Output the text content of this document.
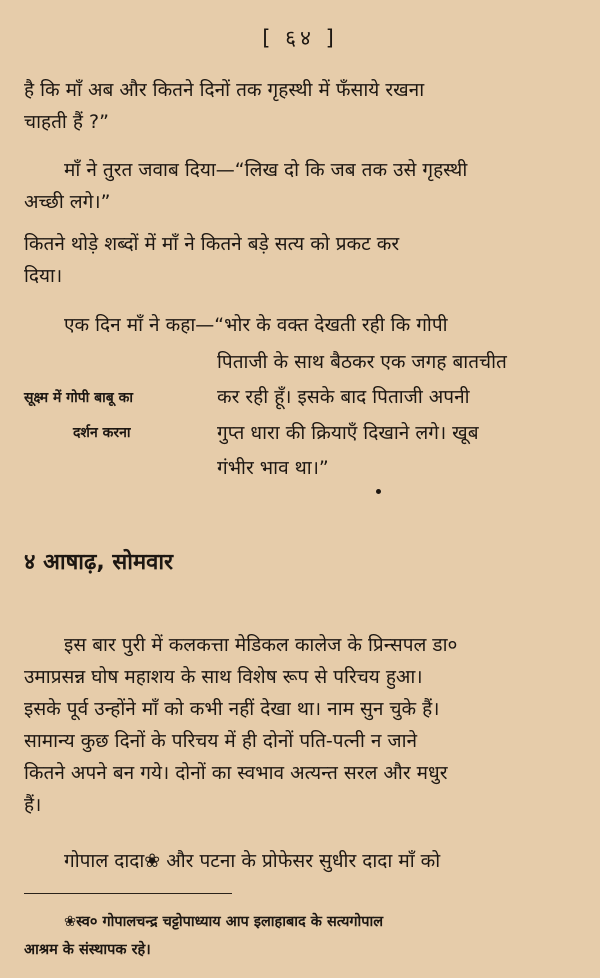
[ ६४ ]
है कि माँ अब और कितने दिनों तक गृहस्थी में फँसाये रखना
चाहती हैं ?”
माँ ने तुरत जवाब दिया—“लिख दो कि जब तक उसे गृहस्थी
अच्छी लगे।”
कितने थोड़े शब्दों में माँ ने कितने बड़े सत्य को प्रकट कर
दिया।
एक दिन माँ ने कहा—“भोर के वक्त देखती रही कि गोपी
पिताजी के साथ बैठकर एक जगह बातचीत
कर रही हूँ। इसके बाद पिताजी अपनी
गुप्त धारा की क्रियाएँ दिखाने लगे। खूब
गंभीर भाव था।”
सूक्ष्म में गोपी बाबू का
दर्शन करना
४ आषाढ़, सोमवार
इस बार पुरी में कलकत्ता मेडिकल कालेज के प्रिन्सपल डा०
उमाप्रसन्न घोष महाशय के साथ विशेष रूप से परिचय हुआ।
इसके पूर्व उन्होंने माँ को कभी नहीं देखा था। नाम सुन चुके हैं।
सामान्य कुछ दिनों के परिचय में ही दोनों पति-पत्नी न जाने
कितने अपने बन गये। दोनों का स्वभाव अत्यन्त सरल और मधुर
हैं।
गोपाल दादा❀ और पटना के प्रोफेसर सुधीर दादा माँ को
❀स्व० गोपालचन्द्र चट्टोपाध्याय आप इलाहाबाद के सत्यगोपाल
आश्रम के संस्थापक रहे।
